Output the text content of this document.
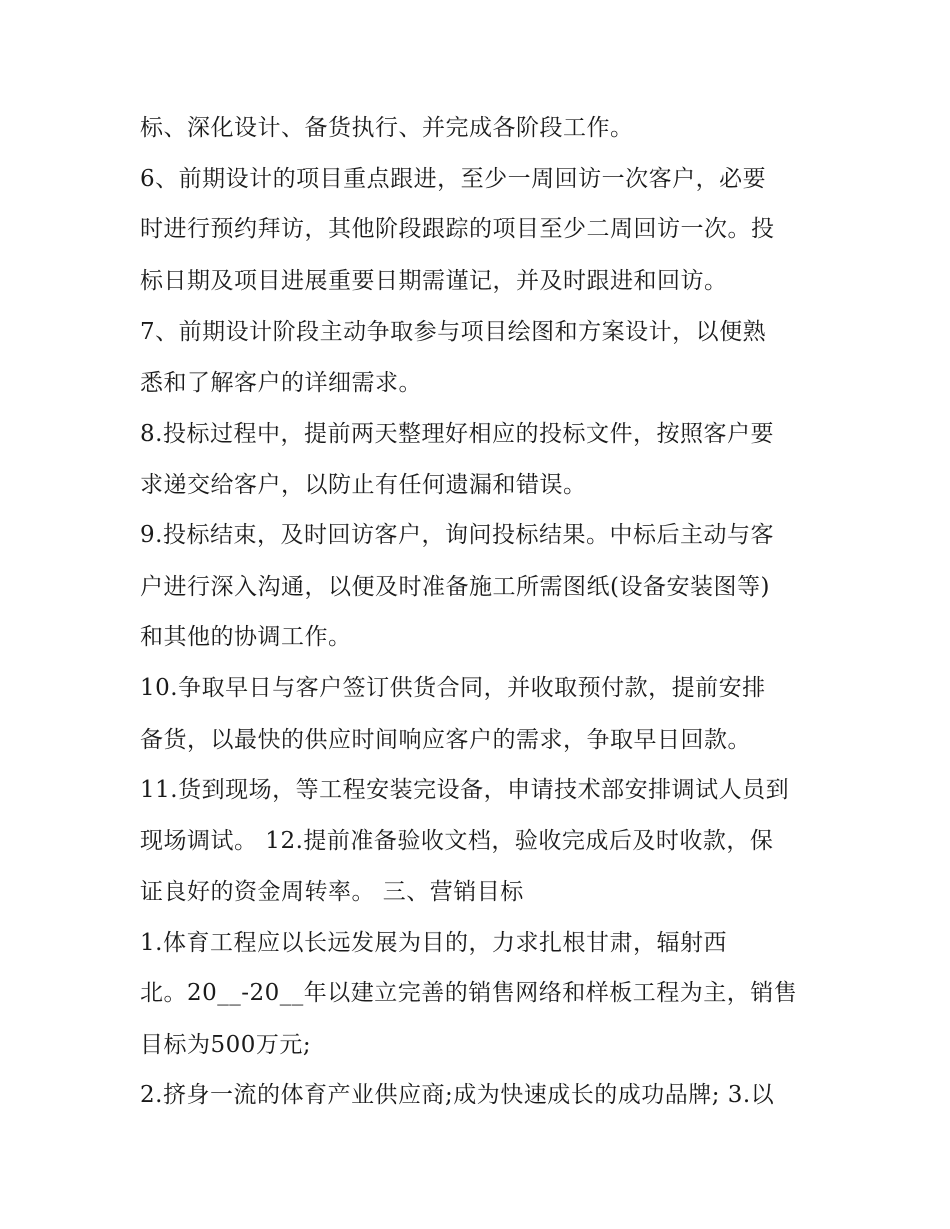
标、深化设计、备货执行、并完成各阶段工作。
6、前期设计的项目重点跟进，至少一周回访一次客户，必要
时进行预约拜访，其他阶段跟踪的项目至少二周回访一次。投
标日期及项目进展重要日期需谨记，并及时跟进和回访。
7、前期设计阶段主动争取参与项目绘图和方案设计，以便熟
悉和了解客户的详细需求。
8.投标过程中，提前两天整理好相应的投标文件，按照客户要
求递交给客户，以防止有任何遗漏和错误。
9.投标结束，及时回访客户，询问投标结果。中标后主动与客
户进行深入沟通，以便及时准备施工所需图纸(设备安装图等)
和其他的协调工作。
10.争取早日与客户签订供货合同，并收取预付款，提前安排
备货，以最快的供应时间响应客户的需求，争取早日回款。
11.货到现场，等工程安装完设备，申请技术部安排调试人员到
现场调试。 12.提前准备验收文档，验收完成后及时收款，保
证良好的资金周转率。 三、营销目标
1.体育工程应以长远发展为目的，力求扎根甘肃，辐射西
北。20__-20__年以建立完善的销售网络和样板工程为主，销售
目标为500万元;
2.挤身一流的体育产业供应商;成为快速成长的成功品牌; 3.以
